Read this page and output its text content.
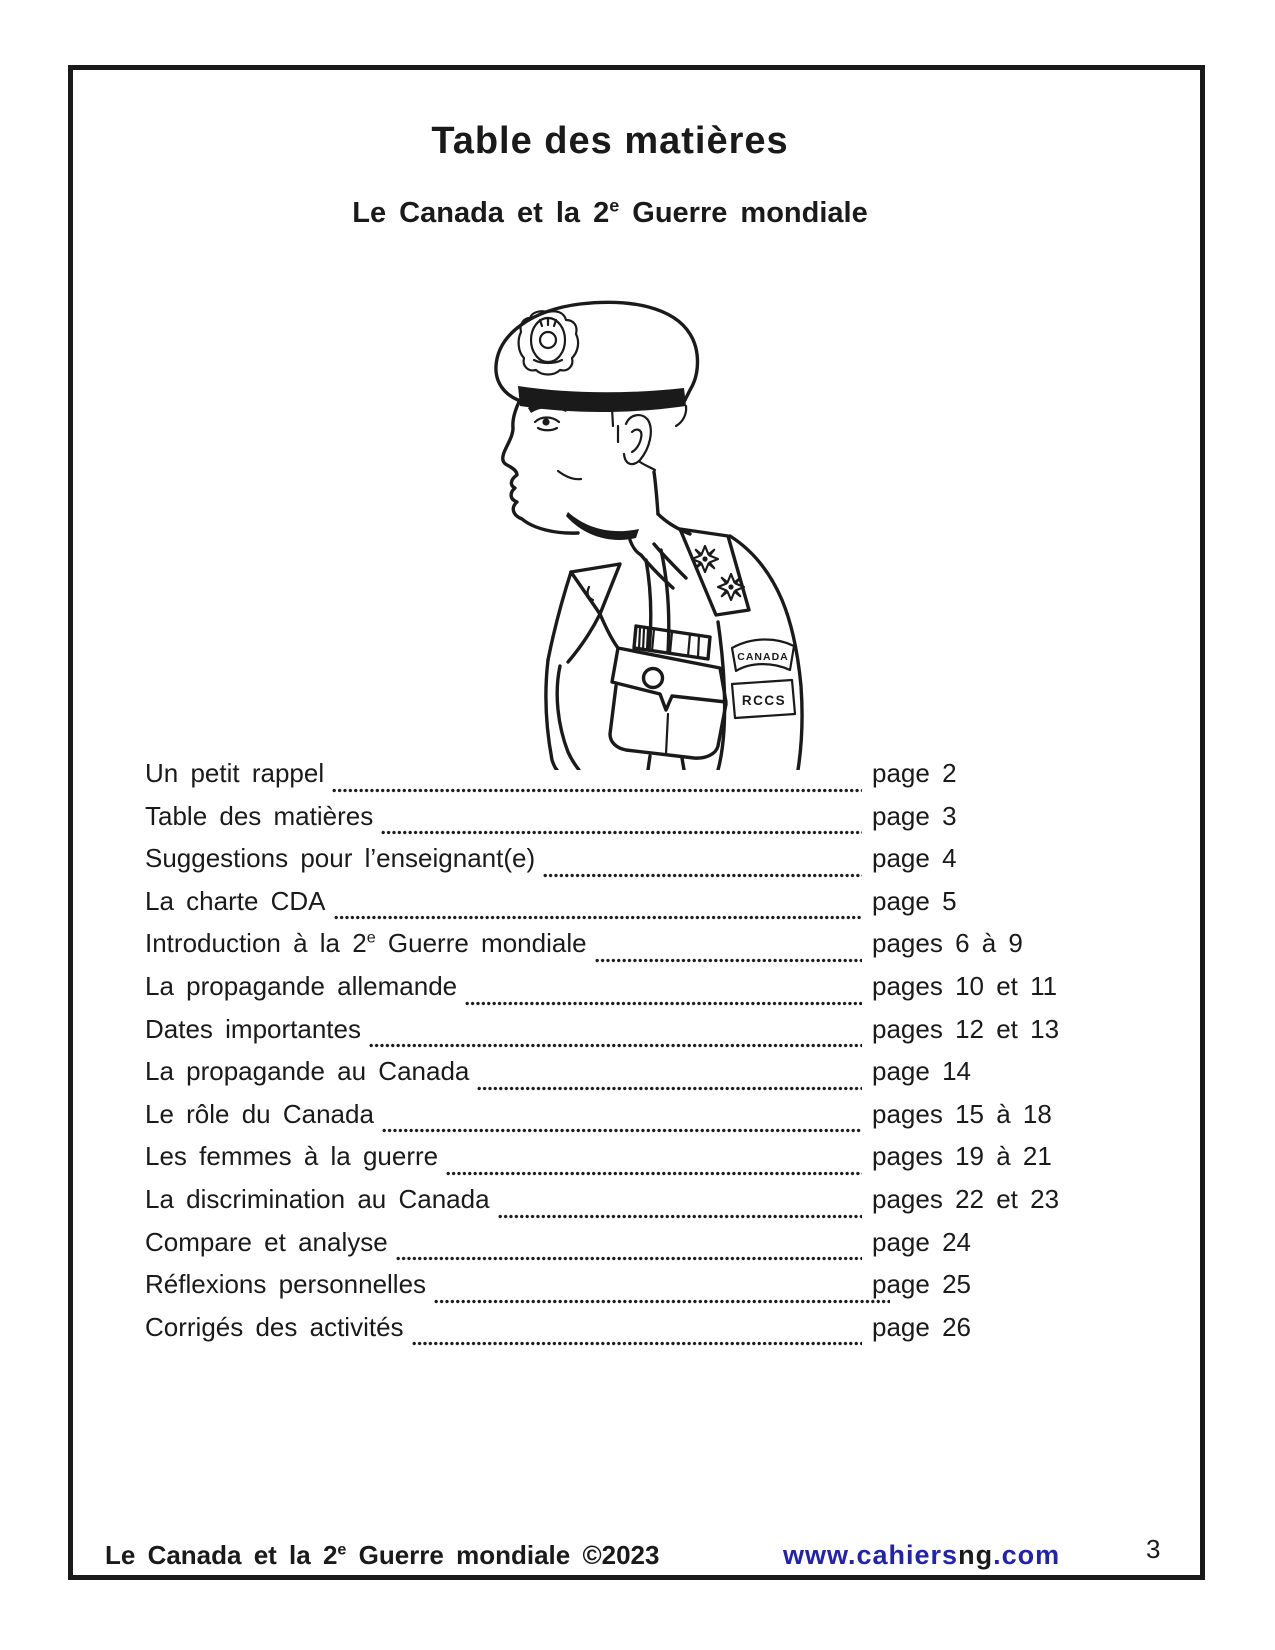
Table des matières
Le Canada et la 2e Guerre mondiale
CANADA
RCCS
Un petit rappel	page 2
Table des matières	page 3
Suggestions pour l’enseignant(e)	page 4
La charte CDA	page 5
Introduction à la 2e Guerre mondiale	pages 6 à 9
La propagande allemande	pages 10 et 11
Dates importantes	pages 12 et 13
La propagande au Canada	page 14
Le rôle du Canada	pages 15 à 18
Les femmes à la guerre	pages 19 à 21
La discrimination au Canada	pages 22 et 23
Compare et analyse	page 24
Réflexions personnelles	page 25
Corrigés des activités	page 26
Le Canada et la 2e Guerre mondiale ©2023	www.cahiersng.com	3
